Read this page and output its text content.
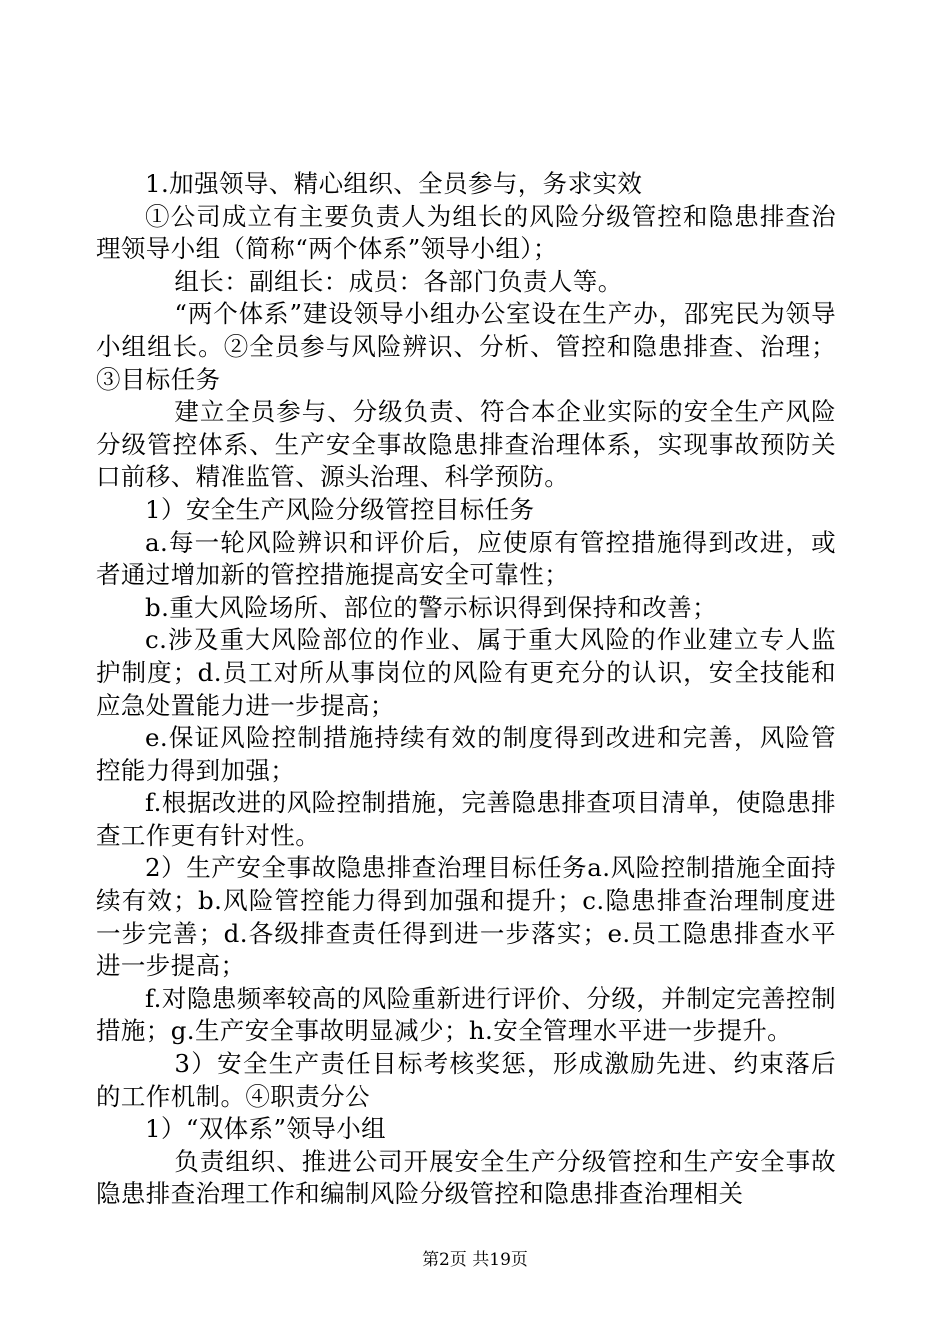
1.加强领导、精心组织、全员参与，务求实效

①公司成立有主要负责人为组长的风险分级管控和隐患排查治理领导小组（简称“两个体系”领导小组）；

组长：副组长：成员：各部门负责人等。

“两个体系”建设领导小组办公室设在生产办，邵宪民为领导小组组长。②全员参与风险辨识、分析、管控和隐患排查、治理；③目标任务

建立全员参与、分级负责、符合本企业实际的安全生产风险分级管控体系、生产安全事故隐患排查治理体系，实现事故预防关口前移、精准监管、源头治理、科学预防。

1）安全生产风险分级管控目标任务

a.每一轮风险辨识和评价后，应使原有管控措施得到改进，或者通过增加新的管控措施提高安全可靠性；

b.重大风险场所、部位的警示标识得到保持和改善；

c.涉及重大风险部位的作业、属于重大风险的作业建立专人监护制度；d.员工对所从事岗位的风险有更充分的认识，安全技能和应急处置能力进一步提高；

e.保证风险控制措施持续有效的制度得到改进和完善，风险管控能力得到加强；

f.根据改进的风险控制措施，完善隐患排查项目清单，使隐患排查工作更有针对性。

2）生产安全事故隐患排查治理目标任务a.风险控制措施全面持续有效；b.风险管控能力得到加强和提升；c.隐患排查治理制度进一步完善；d.各级排查责任得到进一步落实；e.员工隐患排查水平进一步提高；

f.对隐患频率较高的风险重新进行评价、分级，并制定完善控制措施；g.生产安全事故明显减少；h.安全管理水平进一步提升。

3）安全生产责任目标考核奖惩，形成激励先进、约束落后的工作机制。④职责分公

1）“双体系”领导小组

负责组织、推进公司开展安全生产分级管控和生产安全事故隐患排查治理工作和编制风险分级管控和隐患排查治理相关

第2页 共19页
